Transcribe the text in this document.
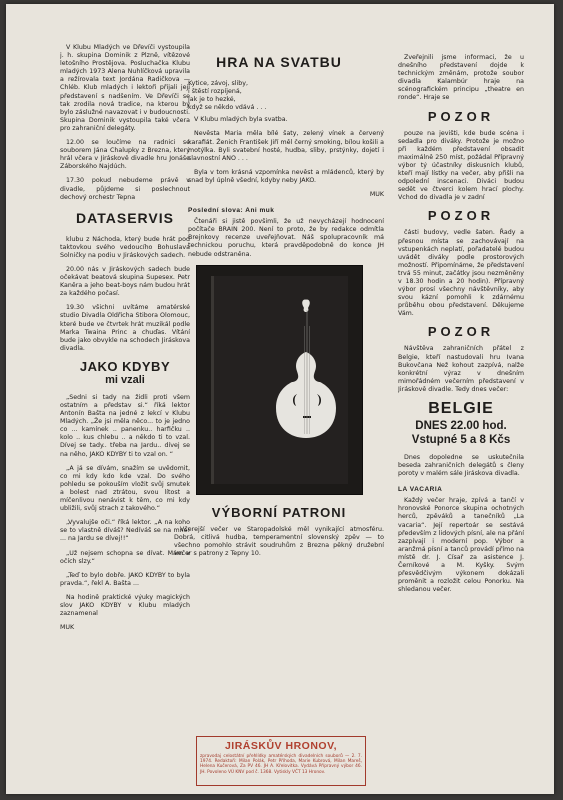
V Klubu Mladých ve Dřevíči vystoupila j. h. skupina Dominik z Plzně, vítězové letošního Prostějova. Posluchačka Klubu mladých 1973 Alena Nuhlíčková upravila a režírovala text Jordána Radičkova — Chléb. Klub mladých i lektoři přijali její představení s nadšením. Ve Dřevíči se tak zrodila nová tradice, na kterou by bylo záslužné navazovat i v budoucnosti. Skupina Dominik vystoupila také včera pro zahraniční delegáty.

12.00 se loučíme na radnici se souborem Jána Chalupky z Brezna, který hrál včera v Jiráskově divadle hru Jonáše Záborského Najdúch.

17.30 pokud nebudeme právě v divadle, půjdeme si poslechnout dechový orchestr Tepna

DATASERVIS

klubu z Náchoda, který bude hrát pod taktovkou svého vedoucího Bohuslava Solničky na podiu v Jiráskových sadech.

20.00 nás v Jiráskových sadech bude očekávat beatová skupina Supesex. Petr Kaněra a jeho beat-boys nám budou hrát za každého počasí.

19.30 všichni uvítáme amatérské studio Divadla Oldřicha Stibora Olomouc, které bude ve čtvrtek hrát muzikál podle Marka Twaina Princ a chuďas. Vítání bude jako obvykle na schodech Jiráskova divadla.

JAKO KDYBY
mi vzali

„Sedni si tady na židli proti všem ostatním a představ si.“ říká lektor Antonín Bašta na jedné z lekcí v Klubu Mladých. „Že jsi měla něco... to je jedno co ... kamínek .. panenku.. harfičku .. kolo .. kus chlebu .. a někdo ti to vzal. Dívej se tady.. třeba na Jardu.. dívej se na něho, JAKO KDYBY ti to vzal on. “

„A já se dívám, snažím se uvědomit, co mi kdy kdo kde vzal. Do svého pohledu se pokouším vložit svůj smutek a bolest nad ztrátou, svou lítost a míčenlivou nenávist k těm, co mi kdy ubližili, svůj strach z takového.“

„Vyvalujše oči.“ říká lektor. „A na koho se to vlastně díváš? Nedíváš se na mne! ... na Jardu se dívej!!“

„Už nejsem schopna se dívat. Mám v očích slzy.“

„Teď to bylo dobře. JAKO KDYBY to byla pravda.“, řekl A. Bašta ...

Na hodině praktické výuky magických slov JAKO KDYBY v Klubu mladých zaznamenal

MUK

HRA NA SVATBU

Kytice, závoj, sliby,

i štěstí rozpíjená,

jak je to hezké,

když se někdo vdává . . .

V Klubu mladých byla svatba.

Nevěsta Maria měla bílé šaty, zelený vínek a červený karafiát. Ženich František Jiří měl černý smoking, bílou košili a motýlka. Byli svatební hosté, hudba, sliby, prstýnky, dojetí i slavnostní ANO . . .

Byla v tom krásná vzpomínka nevěst a mládenců, který by snad byl úplně všední, kdyby neby JAKO.

MUK

Poslední slova: Ani muk

Čtenáři si jistě povšimli, že už nevycházejí hodnocení počítače BRAIN 200. Není to proto, že by redakce odmítla Brejnkovy recenze uveřejňovat. Náš spolupracovník má technickou poruchu, která pravděpodobně do konce JH nebude odstraněna.

VÝBORNÍ PATRONI

Včerejší večer ve Staropadolské měl vynikající atmosféru. Dobrá, citlivá hudba, temperamentní slovenský zpěv — to všechno pomohlo strávit soudruhům z Brezna pěkný družební večer s patrony z Tepny 10.

JIRÁSKŮV HRONOV,
zpravodaj celostátní přehlídky amatérských divadelních souborů — 2. 7. 1974. Redaktoři: Milan Polák, Petr Příhoda, Marie Kubrová, Milan Mareš, Helena Kučerová, Za PV 46. JH A. Křelovitka. Vydává Přípravný výbor 46. JH. Povoleno VÚ KNV pod č. 1368. Vytiskly VČT 13 Hronov.

Zveřejnili jsme informaci, že u dnešního představení dojde k technickým změnám, protože soubor divadla Kalambúr hraje na scénografickém principu „theatre en ronde“. Hraje se

POZOR

pouze na jevišti, kde bude scéna i sedadla pro diváky. Protože je možno při každém představení obsadit maximálně 250 míst, požádal Přípravný výbor tý účastníky diskusních klubů, kteří mají lístky na večer, aby přišli na odpolední inscenaci. Diváci budou sedět ve čtverci kolem hrací plochy. Vchod do divadla je v zadní

POZOR

části budovy, vedle šaten. Řady a přesnou místa se zachovávají na vstupenkách neplatí, pořadatelé budou uvádět diváky podle prostorových možností. Připomínáme, že představení trvá 55 minut, začátky jsou nezměněny v 18.30 hodin a 20 hodin). Přípravný výbor prosí všechny návštěvníky, aby svou kázní pomohli k zdárnému průběhu obou představení. Děkujeme Vám.

POZOR

Návštěva zahraničních přátel z Belgie, kteří nastudovali hru Ivana Bukovčana Než kohout zazpívá, nalže konkrétní výraz v dnešním mimořádném večerním představení v Jiráskově divadle. Tedy dnes večer:

BELGIE
DNES 22.00 hod.
Vstupné 5 a 8 Kčs

Dnes dopoledne se uskutečnila beseda zahraničních delegátů s členy poroty v malém sále Jiráskova divadla.

LA VACARIA

Každý večer hraje, zpívá a tančí v hronovské Ponorce skupina ochotných herců, zpěváků a tanečníků „La vacaria“. Její repertoár se sestává především z lidových písní, ale na přání zazpívají i moderní pop. Výbor a aranžmá písní a tanců provádí přímo na místě dr. J. Císař za asistence J. Černíkové a M. Kyšky. Svým přesvědčivým výkonem dokázali proměnit a rozložit celou Ponorku. Na shledanou večer.
